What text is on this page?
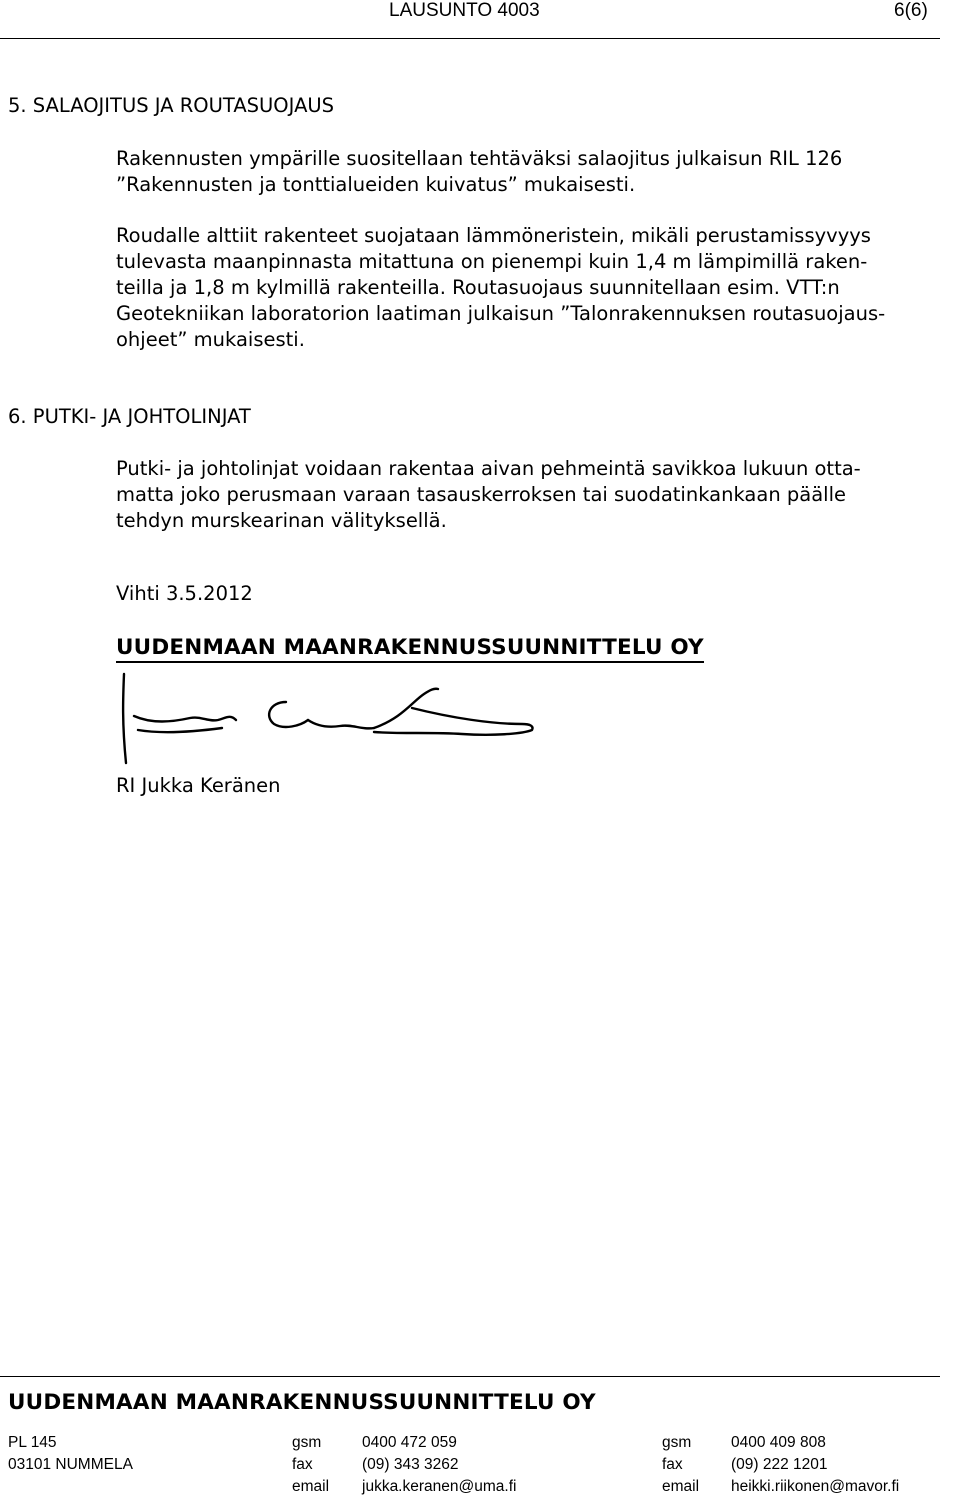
LAUSUNTO 4003	6(6)
5. SALAOJITUS JA ROUTASUOJAUS
Rakennusten ympärille suositellaan tehtäväksi salaojitus julkaisun RIL 126
”Rakennusten ja tonttialueiden kuivatus” mukaisesti.
Roudalle alttiit rakenteet suojataan lämmöneristein, mikäli perustamissyvyys
tulevasta maanpinnasta mitattuna on pienempi kuin 1,4 m lämpimillä raken-
teilla ja 1,8 m kylmillä rakenteilla. Routasuojaus suunnitellaan esim. VTT:n
Geotekniikan laboratorion laatiman julkaisun ”Talonrakennuksen routasuojaus-
ohjeet” mukaisesti.
6. PUTKI- JA JOHTOLINJAT
Putki- ja johtolinjat voidaan rakentaa aivan pehmeintä savikkoa lukuun otta-
matta joko perusmaan varaan tasauskerroksen tai suodatinkankaan päälle
tehdyn murskearinan välityksellä.
Vihti 3.5.2012
UUDENMAAN MAANRAKENNUSSUUNNITTELU OY
RI Jukka Keränen
UUDENMAAN MAANRAKENNUSSUUNNITTELU OY
PL 145
03101 NUMMELA
gsm
fax
email
0400 472 059
(09) 343 3262
jukka.keranen@uma.fi
gsm
fax
email
0400 409 808
(09) 222 1201
heikki.riikonen@mavor.fi
